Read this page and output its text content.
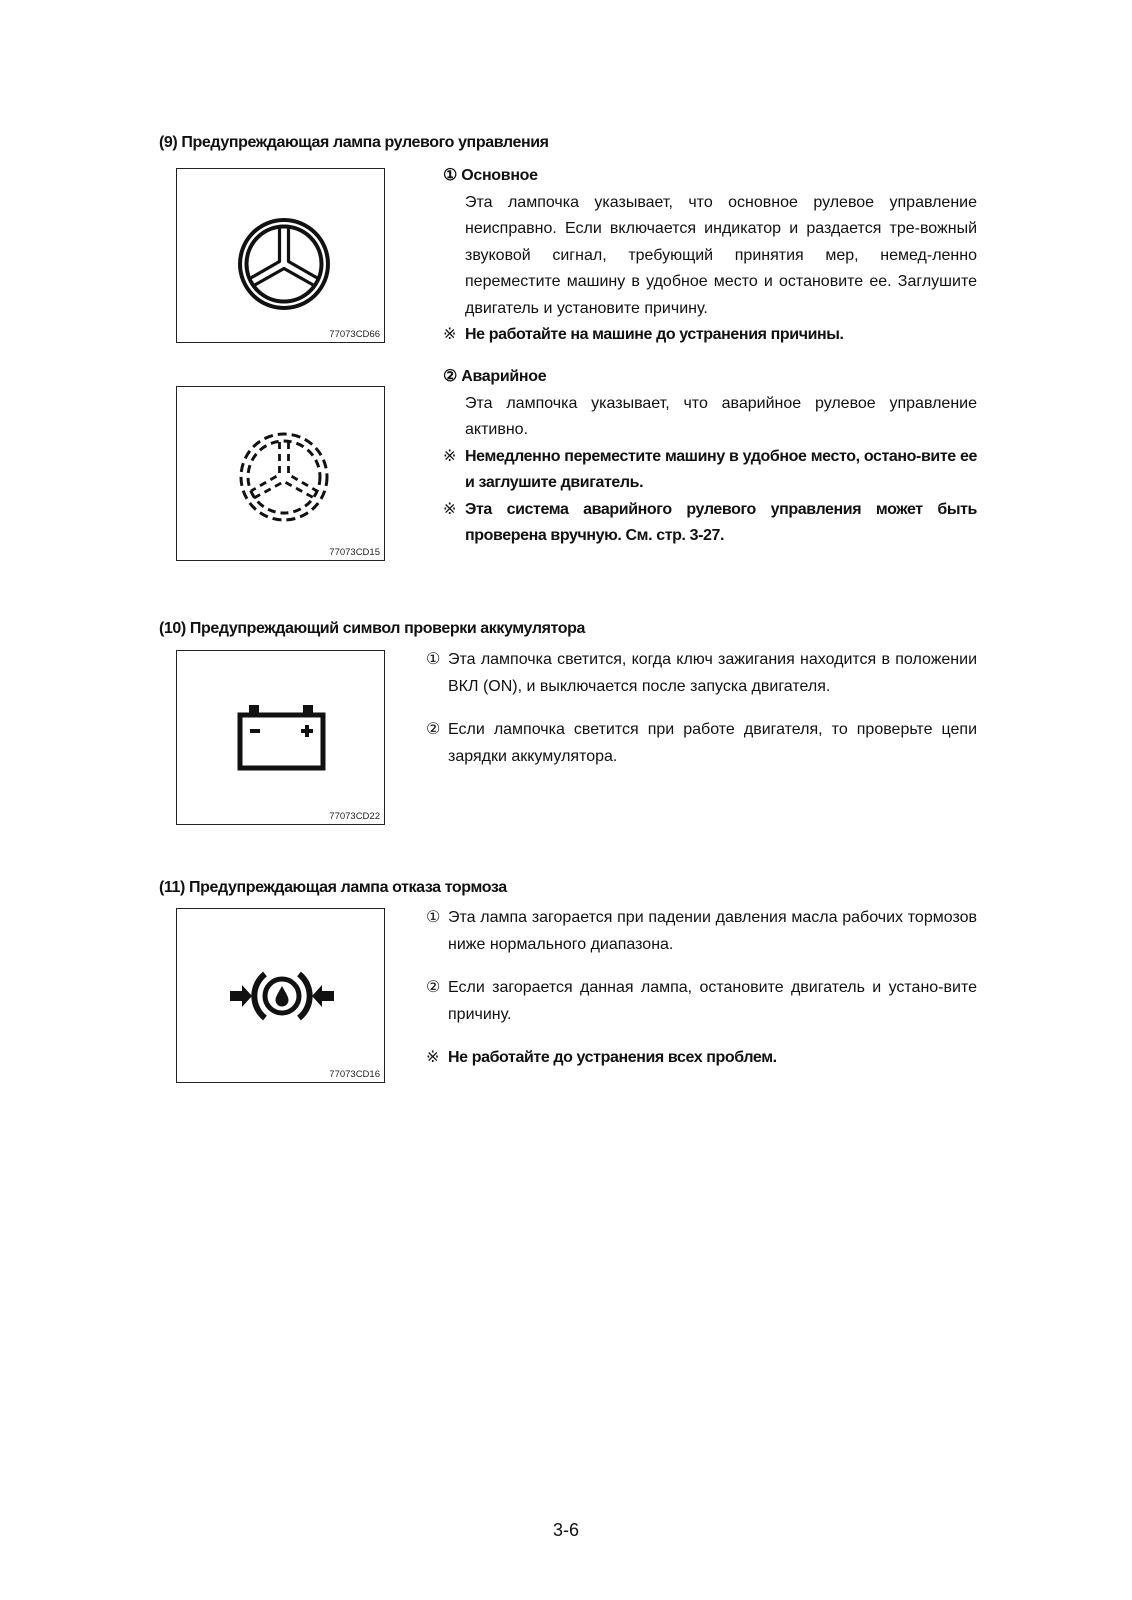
(9) Предупреждающая лампа рулевого управления
77073CD66
77073CD15
① Основное
Эта лампочка указывает, что основное рулевое управление неисправно. Если включается индикатор и раздается тре-вожный звуковой сигнал, требующий принятия мер, немед-ленно переместите машину в удобное место и остановите ее. Заглушите двигатель и установите причину.
※ Не работайте на машине до устранения причины.
② Аварийное
Эта лампочка указывает, что аварийное рулевое управление активно.
※ Немедленно переместите машину в удобное место, остано-вите ее и заглушите двигатель.
※ Эта система аварийного рулевого управления может быть проверена вручную. См. стр. 3-27.
(10) Предупреждающий символ проверки аккумулятора
77073CD22
① Эта лампочка светится, когда ключ зажигания находится в положении ВКЛ (ON), и выключается после запуска двигателя.
② Если лампочка светится при работе двигателя, то проверьте цепи зарядки аккумулятора.
(11) Предупреждающая лампа отказа тормоза
77073CD16
① Эта лампа загорается при падении давления масла рабочих тормозов ниже нормального диапазона.
② Если загорается данная лампа, остановите двигатель и устано-вите причину.
※ Не работайте до устранения всех проблем.
3-6
